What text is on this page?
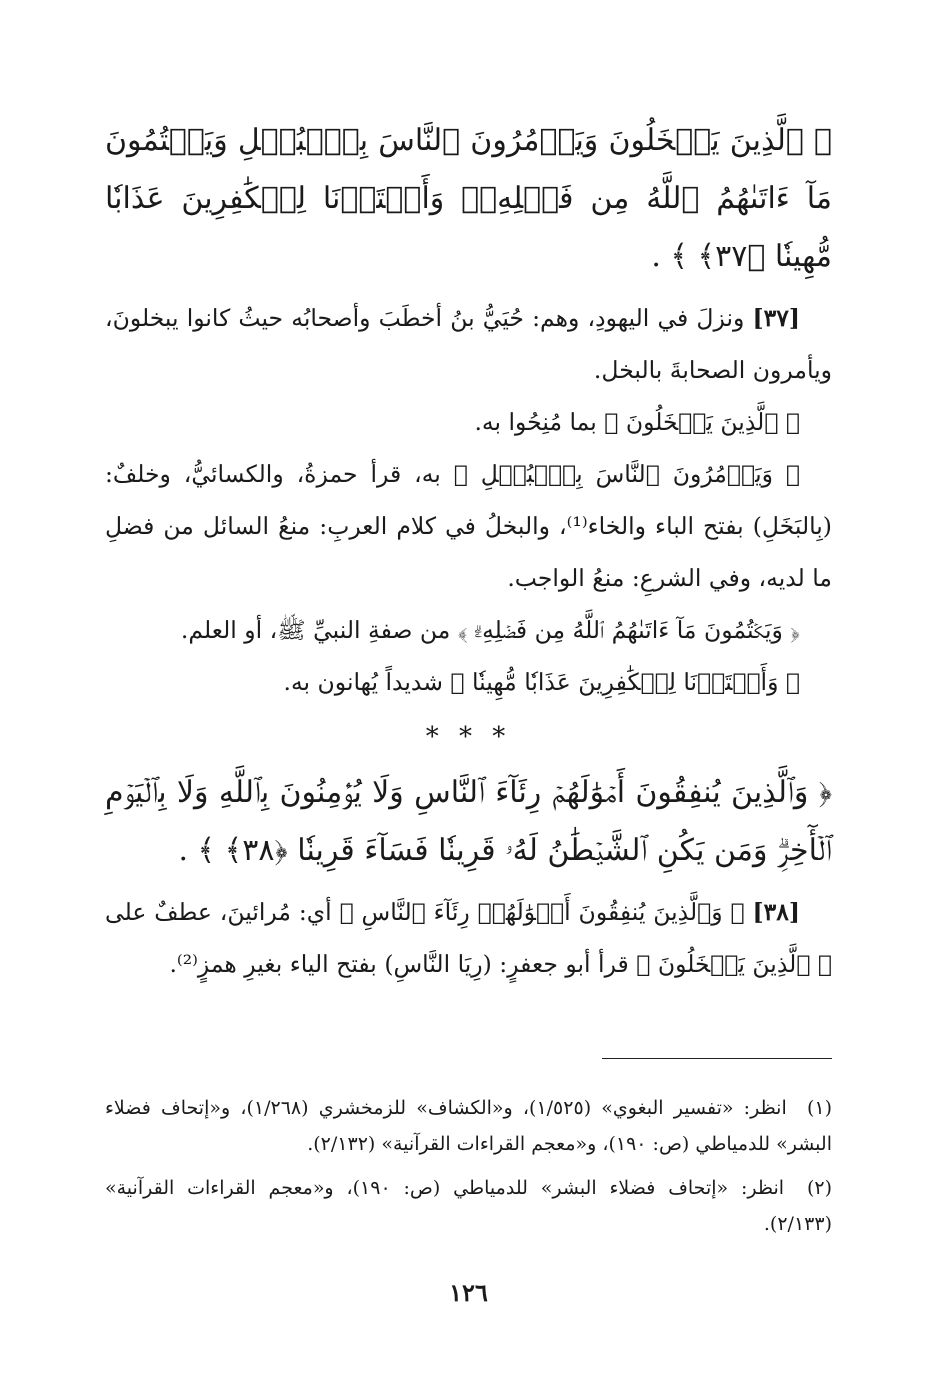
﴿ ٱلَّذِينَ يَبۡخَلُونَ وَيَأۡمُرُونَ ٱلنَّاسَ بِٱلۡبُخۡلِ وَيَكۡتُمُونَ مَآ ءَاتَىٰهُمُ ٱللَّهُ مِن فَضۡلِهِۦۗ وَأَعۡتَدۡنَا لِلۡكَٰفِرِينَ عَذَابٗا مُّهِينٗا ﴿٣٧﴾ ﴾ .

[٣٧] ونزلَ في اليهودِ، وهم: حُيَيُّ بنُ أخطَبَ وأصحابُه حيثُ كانوا يبخلونَ، ويأمرون الصحابةَ بالبخل.

﴿ ٱلَّذِينَ يَبۡخَلُونَ ﴾ بما مُنِحُوا به.

﴿ وَيَأۡمُرُونَ ٱلنَّاسَ بِٱلۡبُخۡلِ ﴾ به، قرأ حمزةُ، والكسائيُّ، وخلفٌ: (بِالبَخَلِ) بفتح الباء والخاء⁽¹⁾، والبخلُ في كلام العربِ: منعُ السائل من فضلِ ما لديه، وفي الشرعِ: منعُ الواجب.

﴿ وَيَكۡتُمُونَ مَآ ءَاتَىٰهُمُ ٱللَّهُ مِن فَضۡلِهِۦۗ ﴾ من صفةِ النبيِّ ﷺ، أو العلم.

﴿ وَأَعۡتَدۡنَا لِلۡكَٰفِرِينَ عَذَابٗا مُّهِينٗا ﴾ شديداً يُهانون به.

* * *

﴿ وَٱلَّذِينَ يُنفِقُونَ أَمۡوَٰلَهُمۡ رِئَآءَ ٱلنَّاسِ وَلَا يُؤۡمِنُونَ بِٱللَّهِ وَلَا بِٱلۡيَوۡمِ ٱلۡأٓخِرِۗ وَمَن يَكُنِ ٱلشَّيۡطَٰنُ لَهُۥ قَرِينٗا فَسَآءَ قَرِينٗا ﴿٣٨﴾ ﴾ .

[٣٨] ﴿ وَٱلَّذِينَ يُنفِقُونَ أَمۡوَٰلَهُمۡ رِئَآءَ ٱلنَّاسِ ﴾ أي: مُرائينَ، عطفٌ على ﴿ ٱلَّذِينَ يَبۡخَلُونَ ﴾ قرأ أبو جعفرٍ: (رِيَا النَّاسِ) بفتح الياء بغيرِ همزٍ⁽²⁾.

(١) انظر: «تفسير البغوي» (١/٥٢٥)، و«الكشاف» للزمخشري (١/٢٦٨)، و«إتحاف فضلاء البشر» للدمياطي (ص: ١٩٠)، و«معجم القراءات القرآنية» (٢/١٣٢).

(٢) انظر: «إتحاف فضلاء البشر» للدمياطي (ص: ١٩٠)، و«معجم القراءات القرآنية» (٢/١٣٣).

١٢٦
